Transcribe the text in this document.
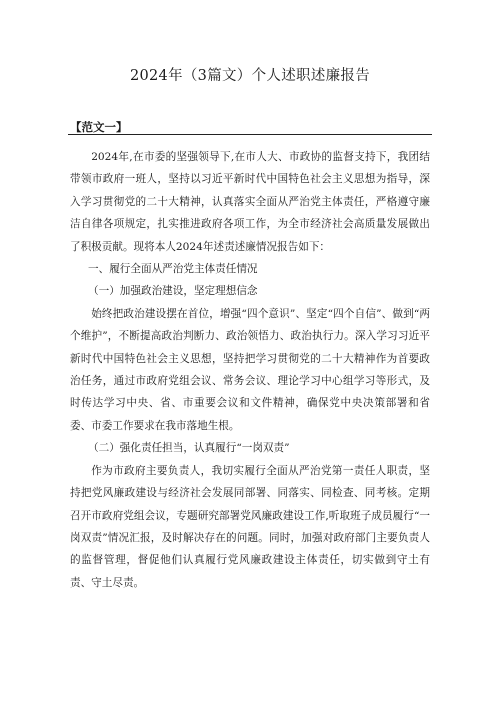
2024年（3篇文）个人述职述廉报告
【范文一】

2024年,在市委的坚强领导下,在市人大、市政协的监督支持下，我团结带领市政府一班人，坚持以习近平新时代中国特色社会主义思想为指导，深入学习贯彻党的二十大精神，认真落实全面从严治党主体责任，严格遵守廉洁自律各项规定，扎实推进政府各项工作，为全市经济社会高质量发展做出了积极贡献。现将本人2024年述责述廉情况报告如下：

一、履行全面从严治党主体责任情况

（一）加强政治建设，坚定理想信念

始终把政治建设摆在首位，增强“四个意识”、坚定“四个自信”、做到“两个维护”，不断提高政治判断力、政治领悟力、政治执行力。深入学习习近平新时代中国特色社会主义思想，坚持把学习贯彻党的二十大精神作为首要政治任务，通过市政府党组会议、常务会议、理论学习中心组学习等形式，及时传达学习中央、省、市重要会议和文件精神，确保党中央决策部署和省委、市委工作要求在我市落地生根。

（二）强化责任担当，认真履行“一岗双责”

作为市政府主要负责人，我切实履行全面从严治党第一责任人职责，坚持把党风廉政建设与经济社会发展同部署、同落实、同检查、同考核。定期召开市政府党组会议，专题研究部署党风廉政建设工作,听取班子成员履行“一岗双责”情况汇报，及时解决存在的问题。同时，加强对政府部门主要负责人的监督管理，督促他们认真履行党风廉政建设主体责任，切实做到守土有责、守土尽责。
